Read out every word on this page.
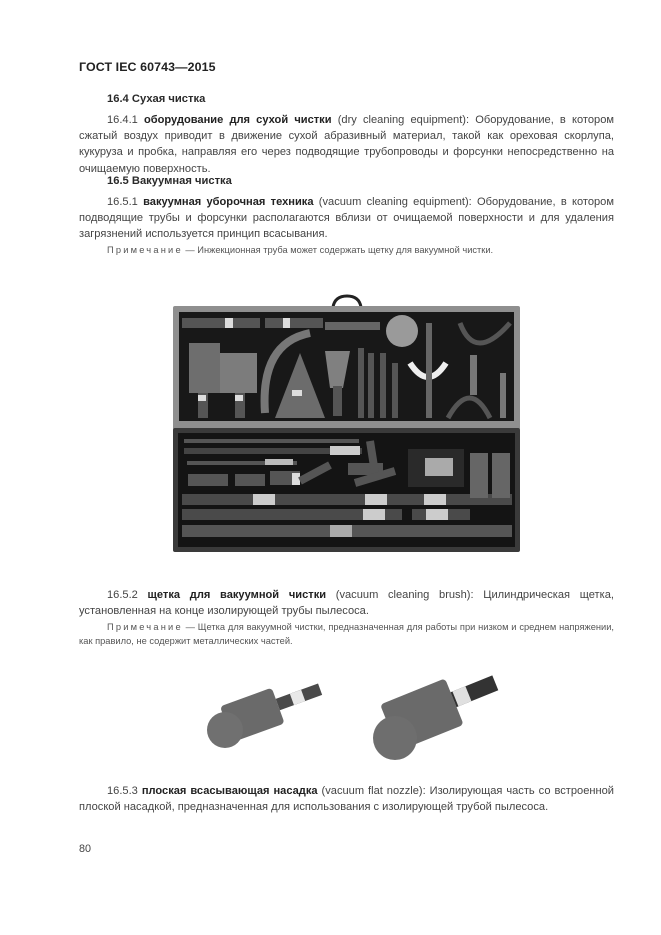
ГОСТ IEC 60743—2015
16.4 Сухая чистка
16.4.1 оборудование для сухой чистки (dry cleaning equipment): Оборудование, в котором сжатый воздух приводит в движение сухой абразивный материал, такой как ореховая скорлупа, кукуруза и пробка, направляя его через подводящие трубопроводы и форсунки непосредственно на очищаемую поверхность.
16.5 Вакуумная чистка
16.5.1 вакуумная уборочная техника (vacuum cleaning equipment): Оборудование, в котором подводящие трубы и форсунки располагаются вблизи от очищаемой поверхности и для удаления загрязнений используется принцип всасывания.
Примечание — Инжекционная труба может содержать щетку для вакуумной чистки.
16.5.2 щетка для вакуумной чистки (vacuum cleaning brush): Цилиндрическая щетка, установленная на конце изолирующей трубы пылесоса.
Примечание — Щетка для вакуумной чистки, предназначенная для работы при низком и среднем напряжении, как правило, не содержит металлических частей.
16.5.3 плоская всасывающая насадка (vacuum flat nozzle): Изолирующая часть со встроенной плоской насадкой, предназначенная для использования с изолирующей трубой пылесоса.
80
